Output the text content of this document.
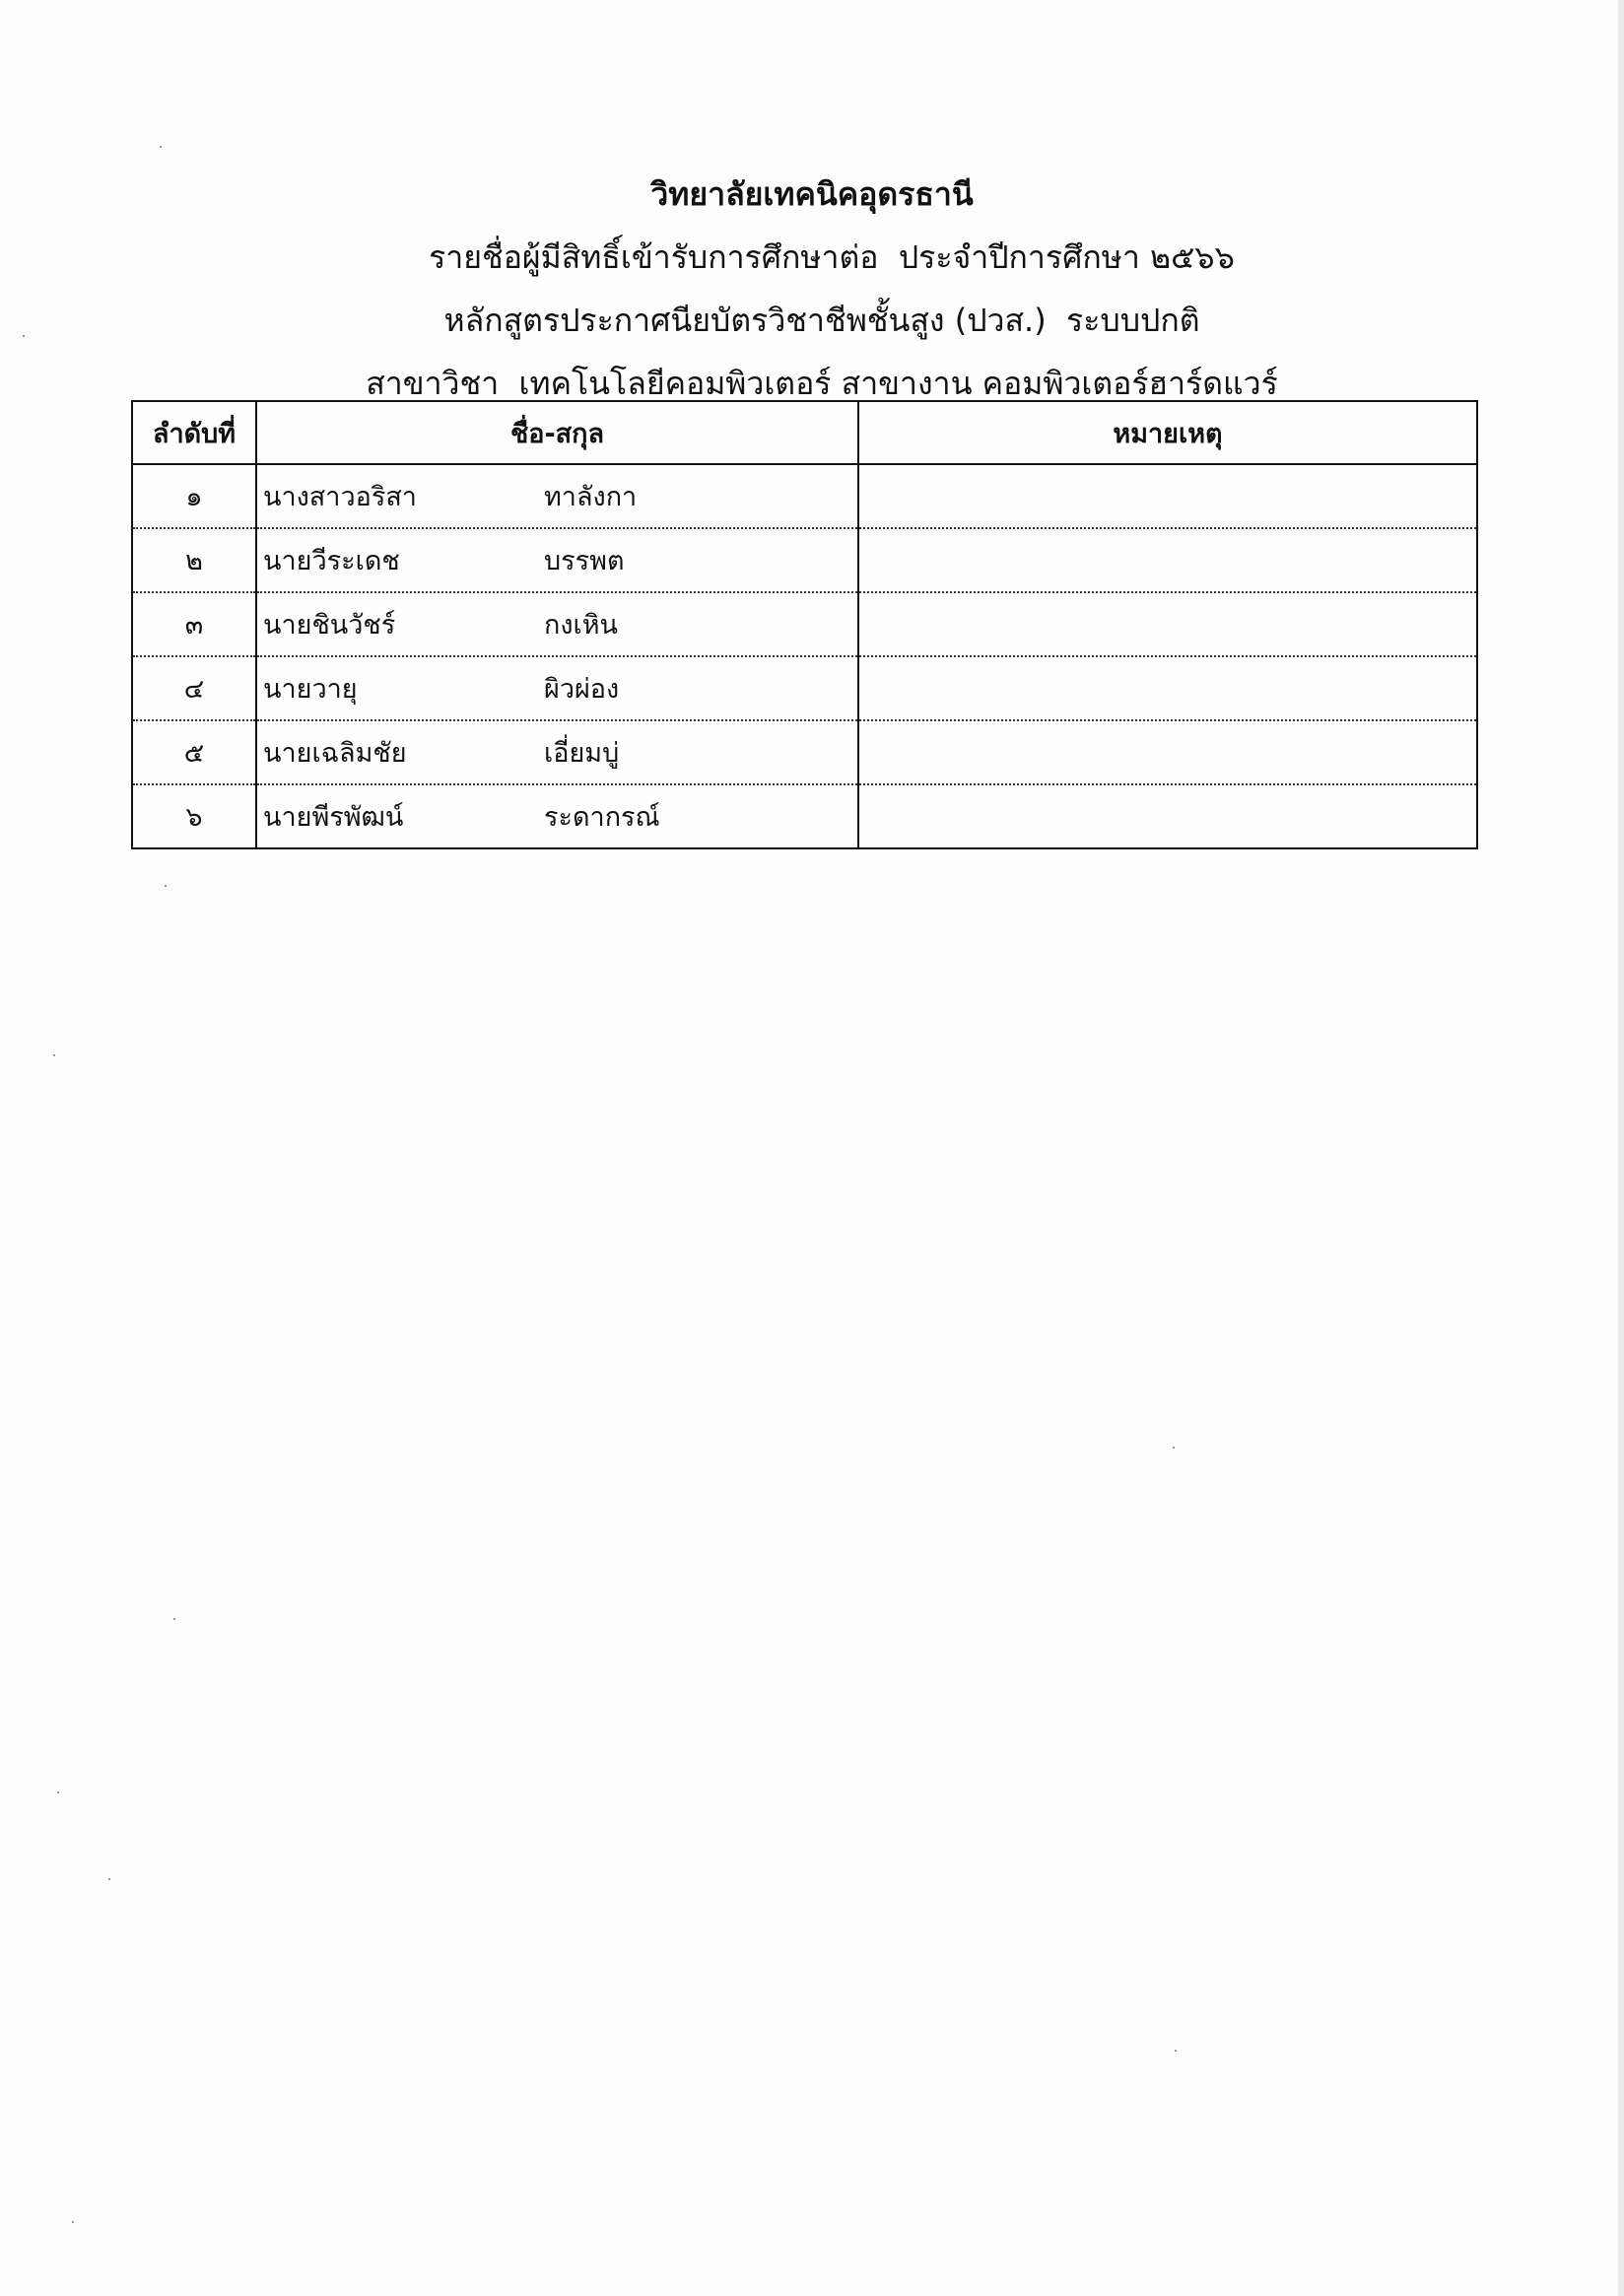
วิทยาลัยเทคนิคอุดรธานี
รายชื่อผู้มีสิทธิ์เข้ารับการศึกษาต่อ  ประจำปีการศึกษา ๒๕๖๖
หลักสูตรประกาศนียบัตรวิชาชีพชั้นสูง (ปวส.)  ระบบปกติ
สาขาวิชา  เทคโนโลยีคอมพิวเตอร์ สาขางาน คอมพิวเตอร์ฮาร์ดแวร์
ลำดับที่	ชื่อ-สกุล	หมายเหตุ
๑	นางสาวอริสา ทาลังกา	
๒	นายวีระเดช บรรพต	
๓	นายชินวัชร์ กงเหิน	
๔	นายวายุ ผิวผ่อง	
๕	นายเฉลิมชัย เอี่ยมบู่	
๖	นายพีรพัฒน์ ระดากรณ์	
